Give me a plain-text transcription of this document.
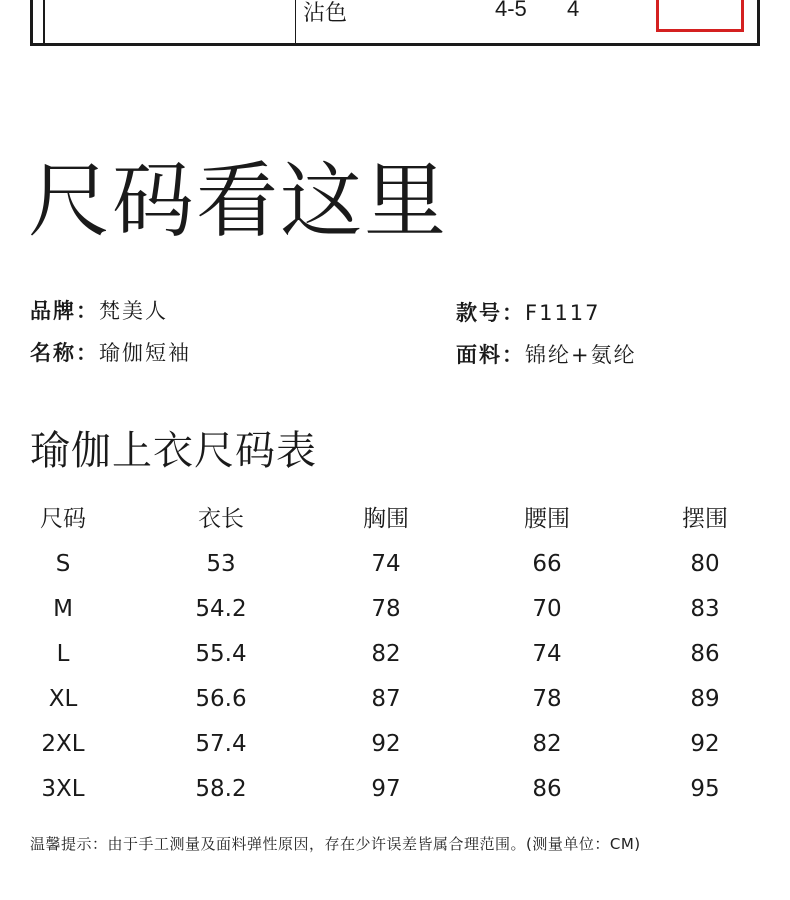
沾色	4-5 4
尺码看这里
品牌：梵美人	款号：F1117
名称：瑜伽短袖	面料：锦纶+氨纶
瑜伽上衣尺码表
尺码	衣长	胸围	腰围	摆围
S	53	74	66	80
M	54.2	78	70	83
L	55.4	82	74	86
XL	56.6	87	78	89
2XL	57.4	92	82	92
3XL	58.2	97	86	95
温馨提示：由于手工测量及面料弹性原因，存在少许误差皆属合理范围。(测量单位：CM)
